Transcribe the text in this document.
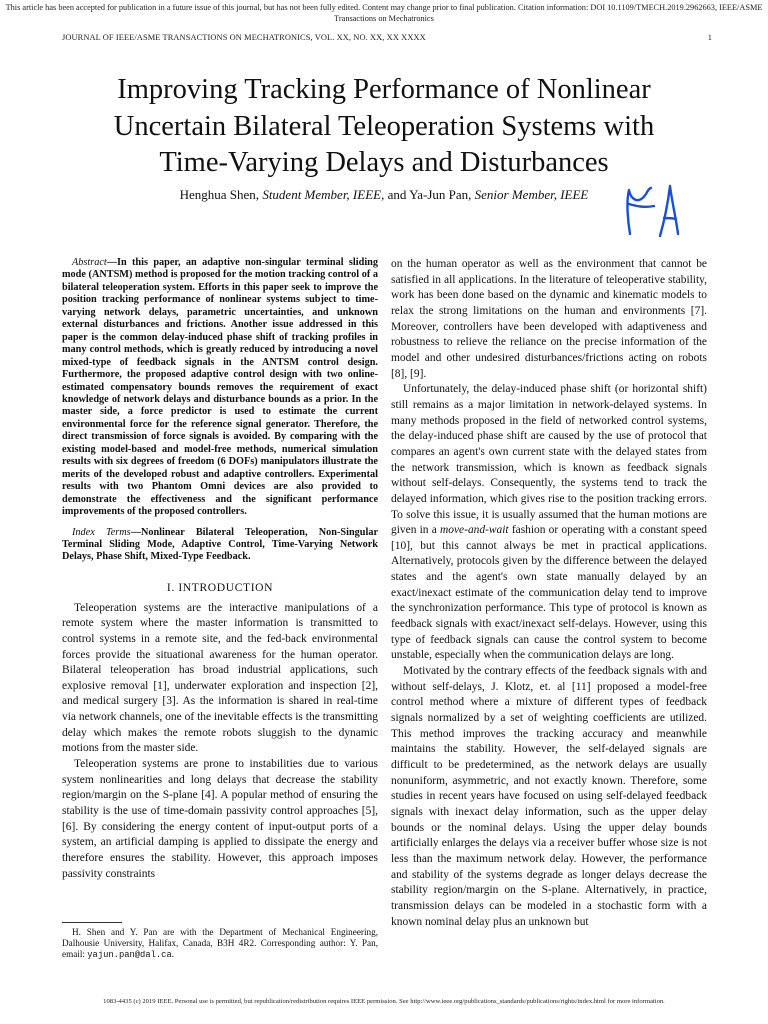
This article has been accepted for publication in a future issue of this journal, but has not been fully edited. Content may change prior to final publication. Citation information: DOI 10.1109/TMECH.2019.2962663, IEEE/ASME
Transactions on Mechatronics
JOURNAL OF IEEE/ASME TRANSACTIONS ON MECHATRONICS, VOL. XX, NO. XX, XX XXXX	1
Improving Tracking Performance of Nonlinear
Uncertain Bilateral Teleoperation Systems with
Time-Varying Delays and Disturbances
Henghua Shen, Student Member, IEEE, and Ya-Jun Pan, Senior Member, IEEE

Abstract—In this paper, an adaptive non-singular terminal sliding mode (ANTSM) method is proposed for the motion tracking control of a bilateral teleoperation system. Efforts in this paper seek to improve the position tracking performance of nonlinear systems subject to time-varying network delays, parametric uncertainties, and unknown external disturbances and frictions. Another issue addressed in this paper is the common delay-induced phase shift of tracking profiles in many control methods, which is greatly reduced by introducing a novel mixed-type of feedback signals in the ANTSM control design. Furthermore, the proposed adaptive control design with two online-estimated compensatory bounds removes the requirement of exact knowledge of network delays and disturbance bounds as a prior. In the master side, a force predictor is used to estimate the current environmental force for the reference signal generator. Therefore, the direct transmission of force signals is avoided. By comparing with the existing model-based and model-free methods, numerical simulation results with six degrees of freedom (6 DOFs) manipulators illustrate the merits of the developed robust and adaptive controllers. Experimental results with two Phantom Omni devices are also provided to demonstrate the effectiveness and the significant performance improvements of the proposed controllers.

Index Terms—Nonlinear Bilateral Teleoperation, Non-Singular Terminal Sliding Mode, Adaptive Control, Time-Varying Network Delays, Phase Shift, Mixed-Type Feedback.

I. INTRODUCTION

Teleoperation systems are the interactive manipulations of a remote system where the master information is transmitted to control systems in a remote site, and the fed-back environmental forces provide the situational awareness for the human operator. Bilateral teleoperation has broad industrial applications, such explosive removal [1], underwater exploration and inspection [2], and medical surgery [3]. As the information is shared in real-time via network channels, one of the inevitable effects is the transmitting delay which makes the remote robots sluggish to the dynamic motions from the master side.

Teleoperation systems are prone to instabilities due to various system nonlinearities and long delays that decrease the stability region/margin on the S-plane [4]. A popular method of ensuring the stability is the use of time-domain passivity control approaches [5], [6]. By considering the energy content of input-output ports of a system, an artificial damping is applied to dissipate the energy and therefore ensures the stability. However, this approach imposes passivity constraints

on the human operator as well as the environment that cannot be satisfied in all applications. In the literature of teleoperative stability, work has been done based on the dynamic and kinematic models to relax the strong limitations on the human and environments [7]. Moreover, controllers have been developed with adaptiveness and robustness to relieve the reliance on the precise information of the model and other undesired disturbances/frictions acting on robots [8], [9].

Unfortunately, the delay-induced phase shift (or horizontal shift) still remains as a major limitation in network-delayed systems. In many methods proposed in the field of networked control systems, the delay-induced phase shift are caused by the use of protocol that compares an agent's own current state with the delayed states from the network transmission, which is known as feedback signals without self-delays. Consequently, the systems tend to track the delayed information, which gives rise to the position tracking errors. To solve this issue, it is usually assumed that the human motions are given in a move-and-wait fashion or operating with a constant speed [10], but this cannot always be met in practical applications. Alternatively, protocols given by the difference between the delayed states and the agent's own state manually delayed by an exact/inexact estimate of the communication delay tend to improve the synchronization performance. This type of protocol is known as feedback signals with exact/inexact self-delays. However, using this type of feedback signals can cause the control system to become unstable, especially when the communication delays are long.

Motivated by the contrary effects of the feedback signals with and without self-delays, J. Klotz, et. al [11] proposed a model-free control method where a mixture of different types of feedback signals normalized by a set of weighting coefficients are utilized. This method improves the tracking accuracy and meanwhile maintains the stability. However, the self-delayed signals are difficult to be predetermined, as the network delays are usually nonuniform, asymmetric, and not exactly known. Therefore, some studies in recent years have focused on using self-delayed feedback signals with inexact delay information, such as the upper delay bounds or the nominal delays. Using the upper delay bounds artificially enlarges the delays via a receiver buffer whose size is not less than the maximum network delay. However, the performance and stability of the systems degrade as longer delays decrease the stability region/margin on the S-plane. Alternatively, in practice, transmission delays can be modeled in a stochastic form with a known nominal delay plus an unknown but

H. Shen and Y. Pan are with the Department of Mechanical Engineering, Dalhousie University, Halifax, Canada, B3H 4R2. Corresponding author: Y. Pan, email: yajun.pan@dal.ca.

1083-4435 (c) 2019 IEEE. Personal use is permitted, but republication/redistribution requires IEEE permission. See http://www.ieee.org/publications_standards/publications/rights/index.html for more information.
